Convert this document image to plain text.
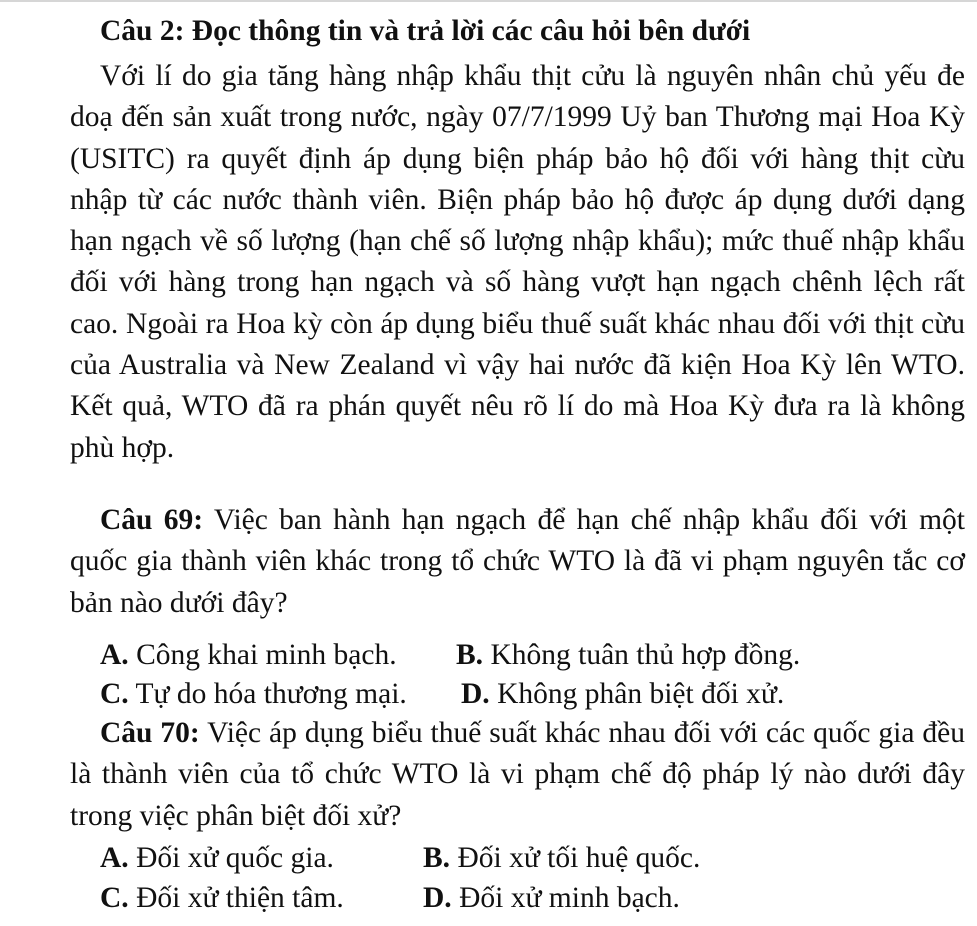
Câu 2: Đọc thông tin và trả lời các câu hỏi bên dưới
Với lí do gia tăng hàng nhập khẩu thịt cửu là nguyên nhân chủ yếu đe doạ đến sản xuất trong nước, ngày 07/7/1999 Uỷ ban Thương mại Hoa Kỳ (USITC) ra quyết định áp dụng biện pháp bảo hộ đối với hàng thịt cừu nhập từ các nước thành viên. Biện pháp bảo hộ được áp dụng dưới dạng hạn ngạch về số lượng (hạn chế số lượng nhập khẩu); mức thuế nhập khẩu đối với hàng trong hạn ngạch và số hàng vượt hạn ngạch chênh lệch rất cao. Ngoài ra Hoa kỳ còn áp dụng biểu thuế suất khác nhau đối với thịt cừu của Australia và New Zealand vì vậy hai nước đã kiện Hoa Kỳ lên WTO. Kết quả, WTO đã ra phán quyết nêu rõ lí do mà Hoa Kỳ đưa ra là không phù hợp.
Câu 69: Việc ban hành hạn ngạch để hạn chế nhập khẩu đối với một quốc gia thành viên khác trong tổ chức WTO là đã vi phạm nguyên tắc cơ bản nào dưới đây?
A. Công khai minh bạch. B. Không tuân thủ hợp đồng.
C. Tự do hóa thương mại. D. Không phân biệt đối xử.
Câu 70: Việc áp dụng biểu thuế suất khác nhau đối với các quốc gia đều là thành viên của tổ chức WTO là vi phạm chế độ pháp lý nào dưới đây trong việc phân biệt đối xử?
A. Đối xử quốc gia.	B. Đối xử tối huệ quốc.
C. Đối xử thiện tâm.	D. Đối xử minh bạch.
